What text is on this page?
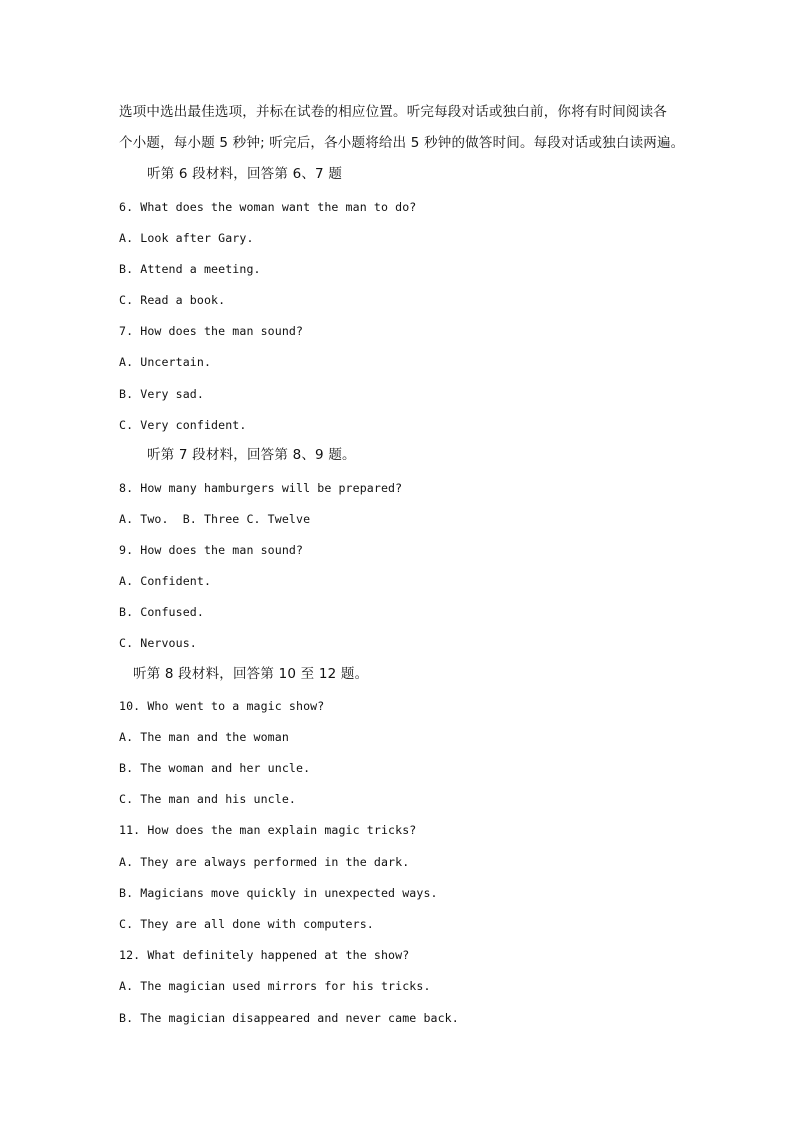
选项中选出最佳选项，并标在试卷的相应位置。听完每段对话或独白前，你将有时间阅读各
个小题，每小题 5 秒钟; 听完后，各小题将给出 5 秒钟的做答时间。每段对话或独白读两遍。
听第 6 段材料，回答第 6、7 题
6. What does the woman want the man to do?
A. Look after Gary.
B. Attend a meeting.
C. Read a book.
7. How does the man sound?
A. Uncertain.
B. Very sad.
C. Very confident.
听第 7 段材料，回答第 8、9 题。
8. How many hamburgers will be prepared?
A. Two.  B. Three C. Twelve
9. How does the man sound?
A. Confident.
B. Confused.
C. Nervous.
听第 8 段材料，回答第 10 至 12 题。
10. Who went to a magic show?
A. The man and the woman
B. The woman and her uncle.
C. The man and his uncle.
11. How does the man explain magic tricks?
A. They are always performed in the dark.
B. Magicians move quickly in unexpected ways.
C. They are all done with computers.
12. What definitely happened at the show?
A. The magician used mirrors for his tricks.
B. The magician disappeared and never came back.
